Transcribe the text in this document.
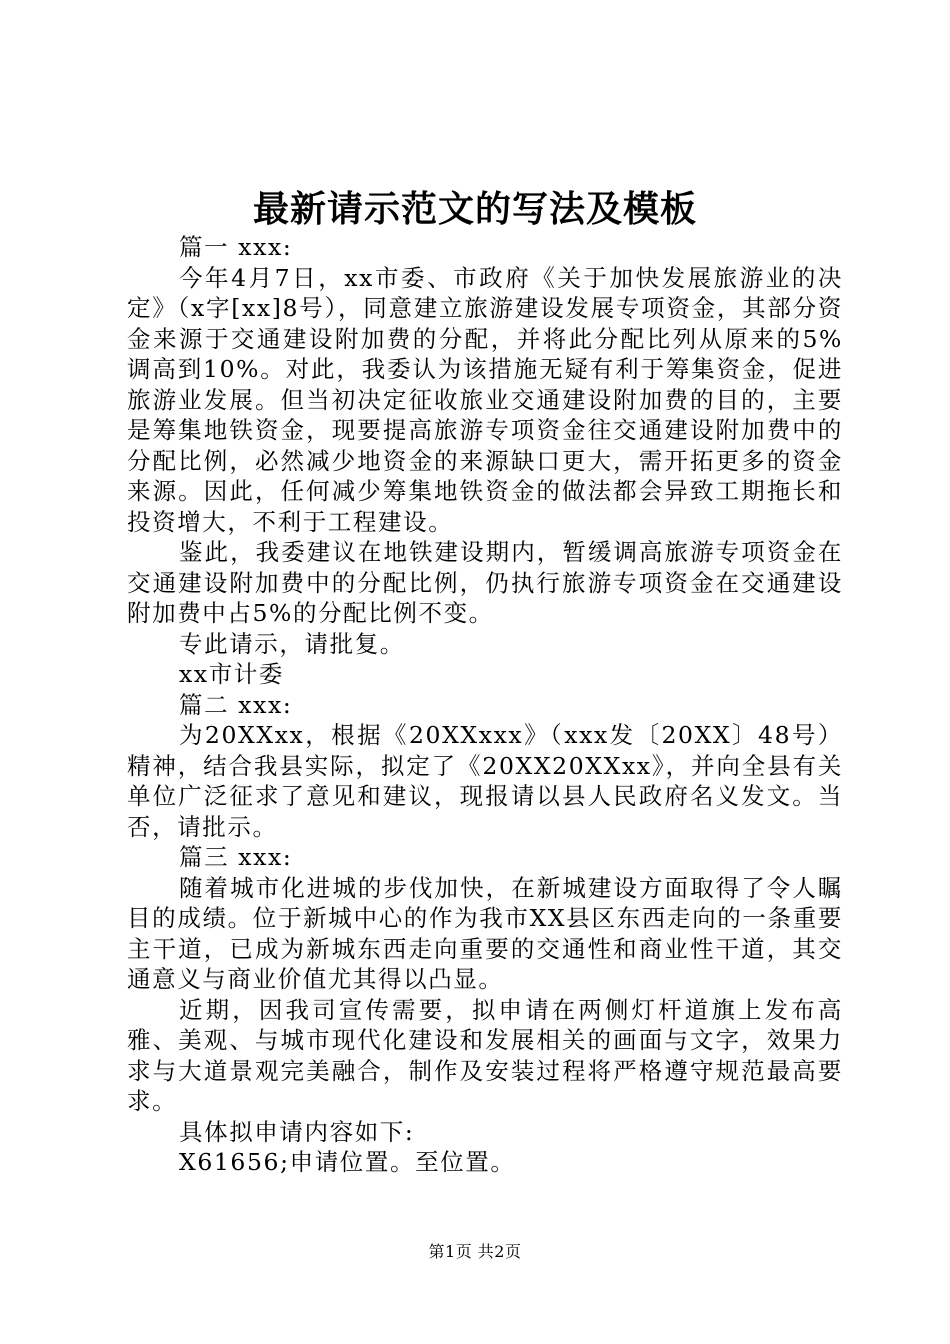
最新请示范文的写法及模板

篇一 xxx:

今年4月7日，xx市委、市政府《关于加快发展旅游业的决定》（x字[xx]8号），同意建立旅游建设发展专项资金，其部分资金来源于交通建设附加费的分配，并将此分配比列从原来的5%调高到10%。对此，我委认为该措施无疑有利于筹集资金，促进旅游业发展。但当初决定征收旅业交通建设附加费的目的，主要是筹集地铁资金，现要提高旅游专项资金往交通建设附加费中的分配比例，必然减少地资金的来源缺口更大，需开拓更多的资金来源。因此，任何减少筹集地铁资金的做法都会异致工期拖长和投资增大，不利于工程建设。

鉴此，我委建议在地铁建设期内，暂缓调高旅游专项资金在交通建设附加费中的分配比例，仍执行旅游专项资金在交通建设附加费中占5%的分配比例不变。

专此请示，请批复。

xx市计委

篇二 xxx:

为20XXxx，根据《20XXxxx》（xxx发〔20XX〕48号）精神，结合我县实际，拟定了《20XX20XXxx》，并向全县有关单位广泛征求了意见和建议，现报请以县人民政府名义发文。当否，请批示。

篇三 xxx:

随着城市化进城的步伐加快，在新城建设方面取得了令人瞩目的成绩。位于新城中心的作为我市XX县区东西走向的一条重要主干道，已成为新城东西走向重要的交通性和商业性干道，其交通意义与商业价值尤其得以凸显。

近期，因我司宣传需要，拟申请在两侧灯杆道旗上发布高雅、美观、与城市现代化建设和发展相关的画面与文字，效果力求与大道景观完美融合，制作及安装过程将严格遵守规范最高要求。

具体拟申请内容如下:

X61656;申请位置。至位置。

第1页 共2页
